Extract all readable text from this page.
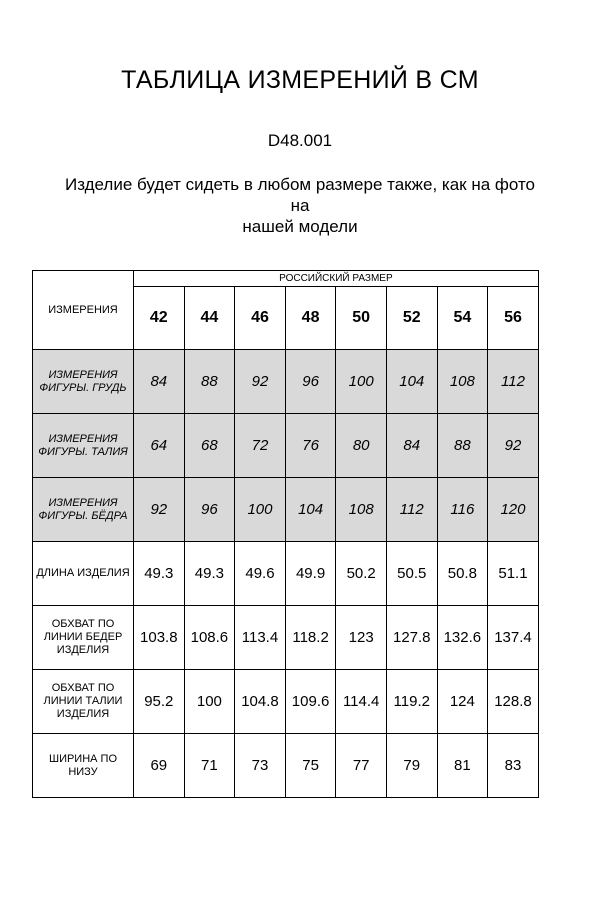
ТАБЛИЦА ИЗМЕРЕНИЙ В СМ
D48.001
Изделие будет сидеть в любом размере также, как на фото на
нашей модели
ИЗМЕРЕНИЯ	РОССИЙСКИЙ РАЗМЕР							
	42	44	46	48	50	52	54	56

ИЗМЕРЕНИЯ
ФИГУРЫ. ГРУДЬ	84	88	92	96	100	104	108	112

ИЗМЕРЕНИЯ
ФИГУРЫ. ТАЛИЯ	64	68	72	76	80	84	88	92

ИЗМЕРЕНИЯ
ФИГУРЫ. БЁДРА	92	96	100	104	108	112	116	120

ДЛИНА ИЗДЕЛИЯ	49.3	49.3	49.6	49.9	50.2	50.5	50.8	51.1

ОБХВАТ ПО
ЛИНИИ БЕДЕР
ИЗДЕЛИЯ	103.8	108.6	113.4	118.2	123	127.8	132.6	137.4

ОБХВАТ ПО
ЛИНИИ ТАЛИИ
ИЗДЕЛИЯ	95.2	100	104.8	109.6	114.4	119.2	124	128.8

ШИРИНА ПО
НИЗУ	69	71	73	75	77	79	81	83
